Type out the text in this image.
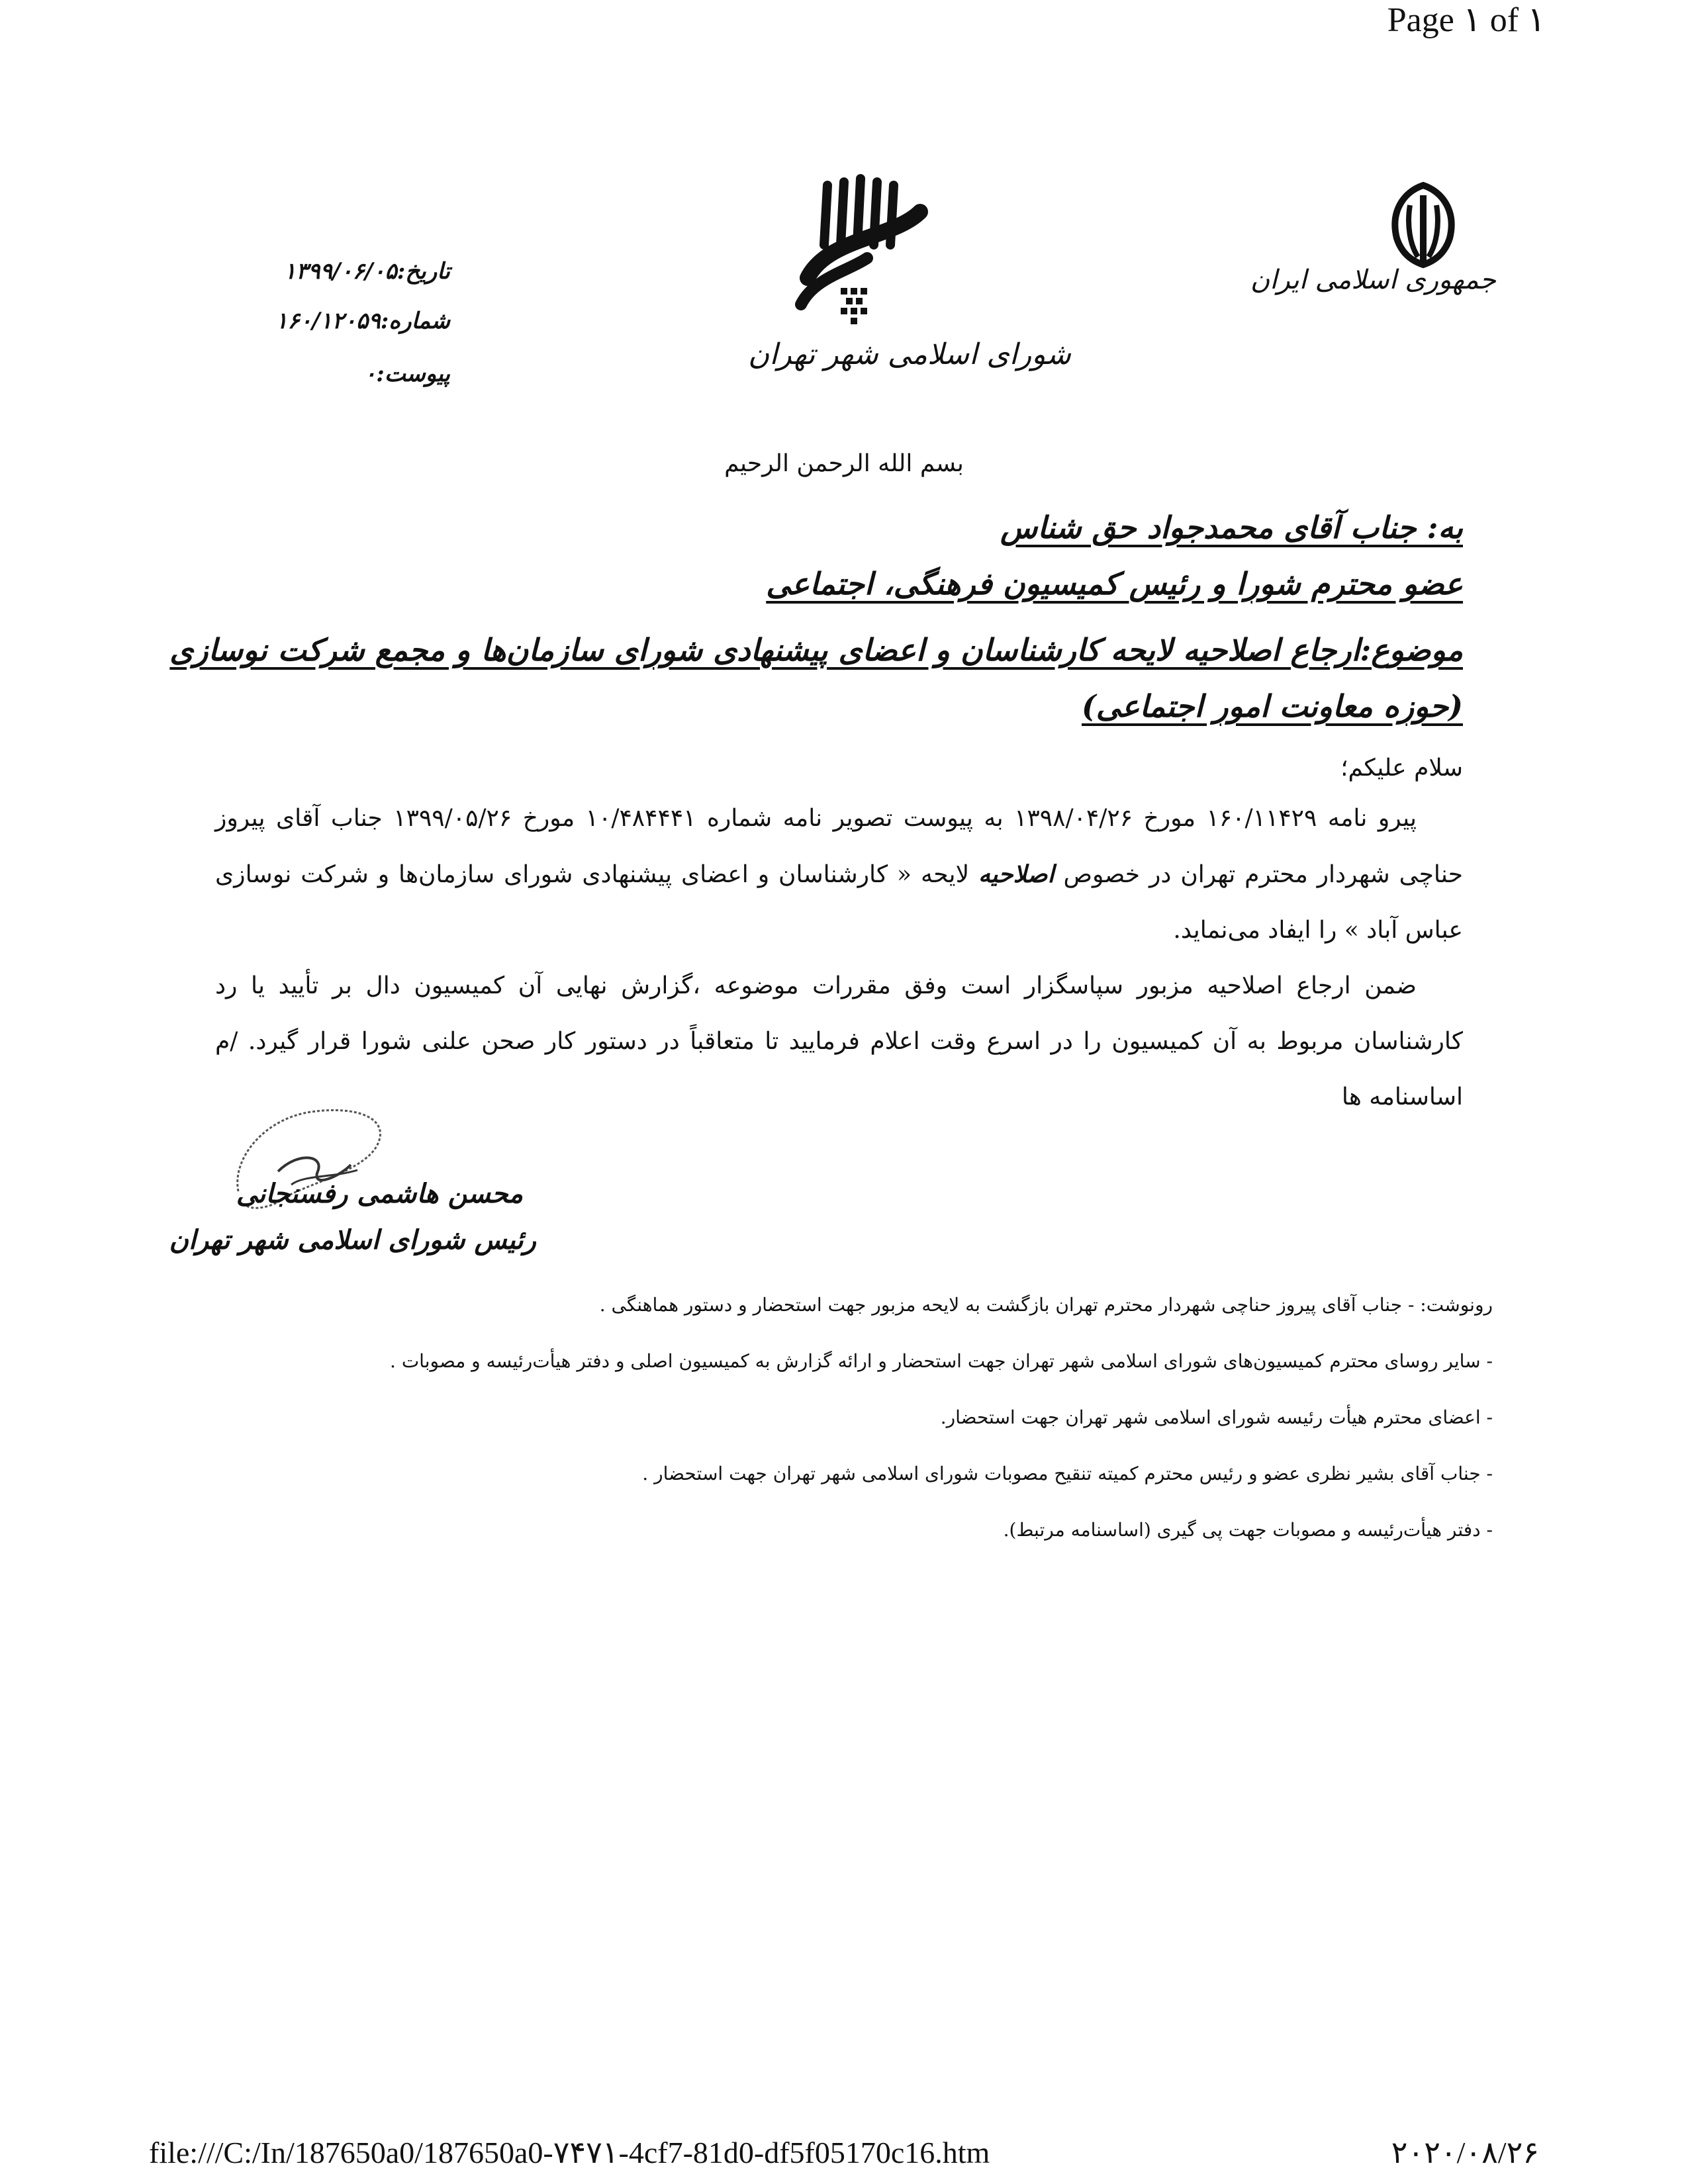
Page ۱ of ۱
جمهوری اسلامی ایران
شورای اسلامی شهر تهران
تاریخ:۱۳۹۹/۰۶/۰۵
شماره:۱۶۰/۱۲۰۵۹
پیوست:۰
بسم الله الرحمن الرحیم
به: جناب آقای محمدجواد حق شناس
عضو محترم شورا و رئیس کمیسیون فرهنگی، اجتماعی
موضوع:ارجاع اصلاحیه لایحه کارشناسان و اعضای پیشنهادی شورای سازمان‌ها و مجمع شرکت نوسازی
(حوزه معاونت امور اجتماعی)
سلام علیکم؛
پیرو نامه ۱۶۰/۱۱۴۲۹ مورخ ۱۳۹۸/۰۴/۲۶ به پیوست تصویر نامه شماره ۱۰/۴۸۴۴۴۱ مورخ ۱۳۹۹/۰۵/۲۶ جناب آقای پیروز حناچی شهردار محترم تهران در خصوص اصلاحیه لایحه « کارشناسان و اعضای پیشنهادی شورای سازمان‌ها و شرکت نوسازی عباس آباد » را ایفاد می‌نماید.
ضمن ارجاع اصلاحیه مزبور سپاسگزار است وفق مقررات موضوعه ،گزارش نهایی آن کمیسیون دال بر تأیید یا رد کارشناسان مربوط به آن کمیسیون را در اسرع وقت اعلام فرمایید تا متعاقباً در دستور کار صحن علنی شورا قرار گیرد. /م اساسنامه ها
محسن هاشمی رفسنجانی
رئیس شورای اسلامی شهر تهران
رونوشت: - جناب آقای پیروز حناچی شهردار محترم تهران بازگشت به لایحه مزبور جهت استحضار و دستور هماهنگی .
- سایر روسای محترم کمیسیون‌های شورای اسلامی شهر تهران جهت استحضار و ارائه گزارش به کمیسیون اصلی و دفتر هیأت‌رئیسه و مصوبات .
- اعضای محترم هیأت رئیسه شورای اسلامی شهر تهران جهت استحضار.
- جناب آقای بشیر نظری عضو و رئیس محترم کمیته تنقیح مصوبات شورای اسلامی شهر تهران جهت استحضار .
- دفتر هیأت‌رئیسه و مصوبات جهت پی گیری (اساسنامه مرتبط).
file:///C:/In/187650a0/187650a0-۷۴۷۱-4cf7-81d0-df5f05170c16.htm	۲۰۲۰/۰۸/۲۶
